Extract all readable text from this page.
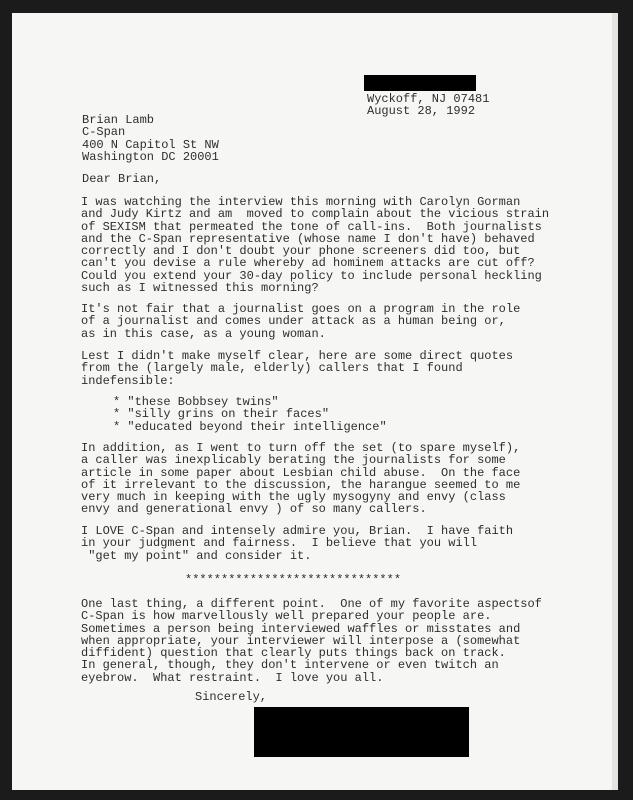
Wyckoff, NJ 07481
August 28, 1992
Brian Lamb
C-Span
400 N Capitol St NW
Washington DC 20001
Dear Brian,
I was watching the interview this morning with Carolyn Gorman
and Judy Kirtz and am  moved to complain about the vicious strain
of SEXISM that permeated the tone of call-ins.  Both journalists
and the C-Span representative (whose name I don't have) behaved
correctly and I don't doubt your phone screeners did too, but
can't you devise a rule whereby ad hominem attacks are cut off?
Could you extend your 30-day policy to include personal heckling
such as I witnessed this morning?
It's not fair that a journalist goes on a program in the role
of a journalist and comes under attack as a human being or,
as in this case, as a young woman.
Lest I didn't make myself clear, here are some direct quotes
from the (largely male, elderly) callers that I found
indefensible:
* "these Bobbsey twins"
* "silly grins on their faces"
* "educated beyond their intelligence"
In addition, as I went to turn off the set (to spare myself),
a caller was inexplicably berating the journalists for some
article in some paper about Lesbian child abuse.  On the face
of it irrelevant to the discussion, the harangue seemed to me
very much in keeping with the ugly mysogyny and envy (class
envy and generational envy ) of so many callers.
I LOVE C-Span and intensely admire you, Brian.  I have faith
in your judgment and fairness.  I believe that you will
"get my point" and consider it.
******************************
One last thing, a different point.  One of my favorite aspectsof
C-Span is how marvellously well prepared your people are.
Sometimes a person being interviewed waffles or misstates and
when appropriate, your interviewer will interpose a (somewhat
diffident) question that clearly puts things back on track.
In general, though, they don't intervene or even twitch an
eyebrow.  What restraint.  I love you all.
Sincerely,
